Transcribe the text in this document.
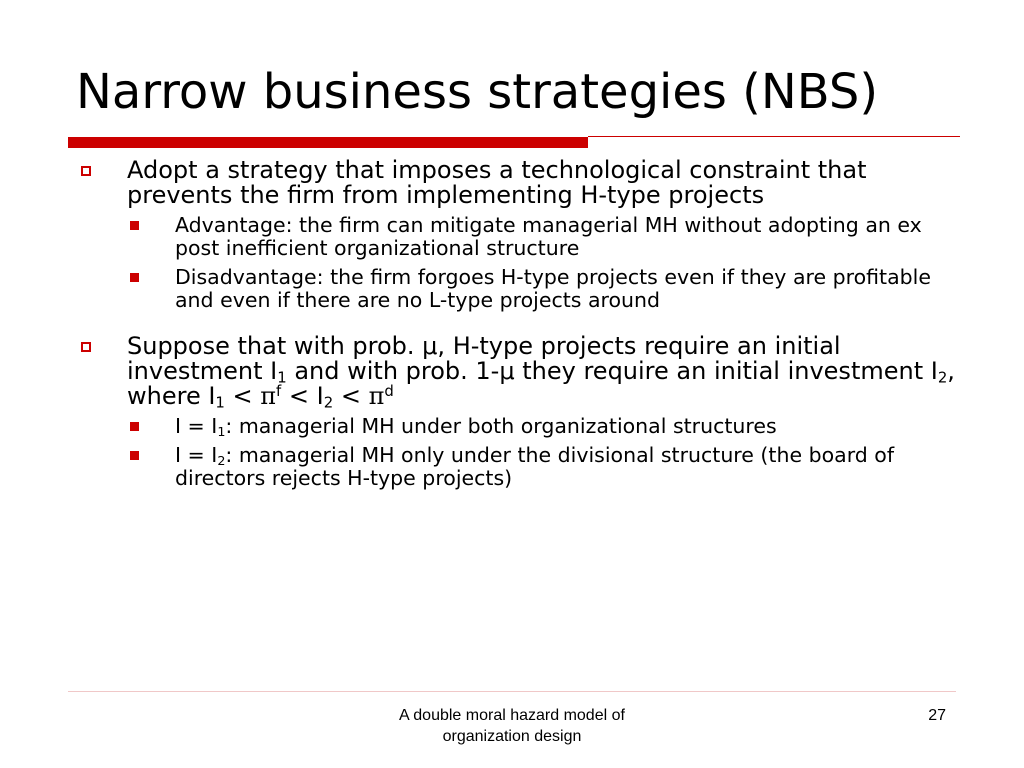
Narrow business strategies (NBS)
Adopt a strategy that imposes a technological constraint that prevents the firm from implementing H-type projects
Advantage: the firm can mitigate managerial MH without adopting an ex post inefficient organizational structure
Disadvantage: the firm forgoes H-type projects even if they are profitable and even if there are no L-type projects around
Suppose that with prob. μ, H-type projects require an initial investment $I_1$ and with prob. 1-μ they require an initial investment $I_2$, where $I_1 < \pi^f < I_2 < \pi^d$
$I = I_1$: managerial MH under both organizational structures
$I = I_2$: managerial MH only under the divisional structure (the board of directors rejects H-type projects)
A double moral hazard model of
organization design
27
